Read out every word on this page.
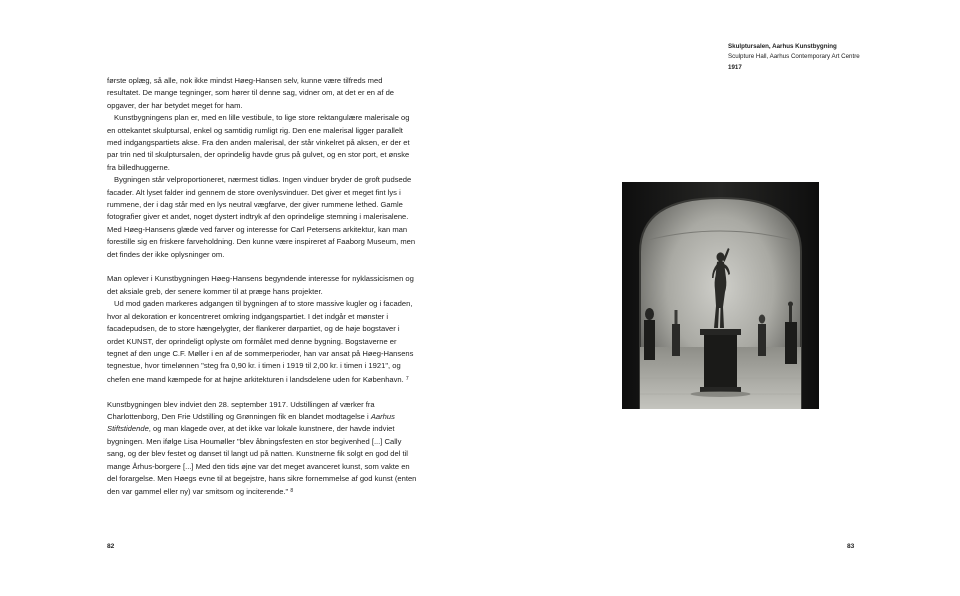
første oplæg, så alle, nok ikke mindst Høeg-Hansen selv, kunne være tilfreds med resultatet. De mange tegninger, som hører til denne sag, vidner om, at det er en af de opgaver, der har betydet meget for ham.

Kunstbygningens plan er, med en lille vestibule, to lige store rektangulære malerisale og en ottekantet skulptursal, enkel og samtidig rumligt rig. Den ene malerisal ligger parallelt med indgangspartiets akse. Fra den anden malerisal, der står vinkelret på aksen, er der et par trin ned til skulptursalen, der oprindelig havde grus på gulvet, og en stor port, et ønske fra billedhuggerne.

Bygningen står velproportioneret, nærmest tidløs. Ingen vinduer bryder de groft pudsede facader. Alt lyset falder ind gennem de store ovenlysvinduer. Det giver et meget fint lys i rummene, der i dag står med en lys neutral vægfarve, der giver rummene lethed. Gamle fotografier giver et andet, noget dystert indtryk af den oprindelige stemning i malerisalene. Med Høeg-Hansens glæde ved farver og interesse for Carl Petersens arkitektur, kan man forestille sig en friskere farveholdning. Den kunne være inspireret af Faaborg Museum, men det findes der ikke oplysninger om.

Man oplever i Kunstbygningen Høeg-Hansens begyndende interesse for nyklassicismen og det aksiale greb, der senere kommer til at præge hans projekter.

Ud mod gaden markeres adgangen til bygningen af to store massive kugler og i facaden, hvor al dekoration er koncentreret omkring indgangspartiet. I det indgår et mønster i facadepudsen, de to store hængelygter, der flankerer dørpartiet, og de høje bogstaver i ordet KUNST, der oprindeligt oplyste om formålet med denne bygning. Bogstaverne er tegnet af den unge C.F. Møller i en af de sommerperioder, han var ansat på Høeg-Hansens tegnestue, hvor timelønnen "steg fra 0,90 kr. i timen i 1919 til 2,00 kr. i timen i 1921", og chefen ene mand kæmpede for at højne arkitekturen i landsdelene uden for København. $^7$

Kunstbygningen blev indviet den 28. september 1917. Udstillingen af værker fra Charlottenborg, Den Frie Udstilling og Grønningen fik en blandet modtagelse i Aarhus Stiftstidende, og man klagede over, at det ikke var lokale kunstnere, der havde indviet bygningen. Men ifølge Lisa Houmøller "blev åbningsfesten en stor begivenhed [...] Cally sang, og der blev festet og danset til langt ud på natten. Kunstnerne fik solgt en god del til mange Århus-borgere [...] Med den tids øjne var det meget avanceret kunst, som vakte en del forargelse. Men Høegs evne til at begejstre, hans sikre fornemmelse af god kunst (enten den var gammel eller ny) var smitsom og inciterende." $^8$

82
Skulptursalen, Aarhus Kunstbygning
Sculpture Hall, Aarhus Contemporary Art Centre
1917
83
